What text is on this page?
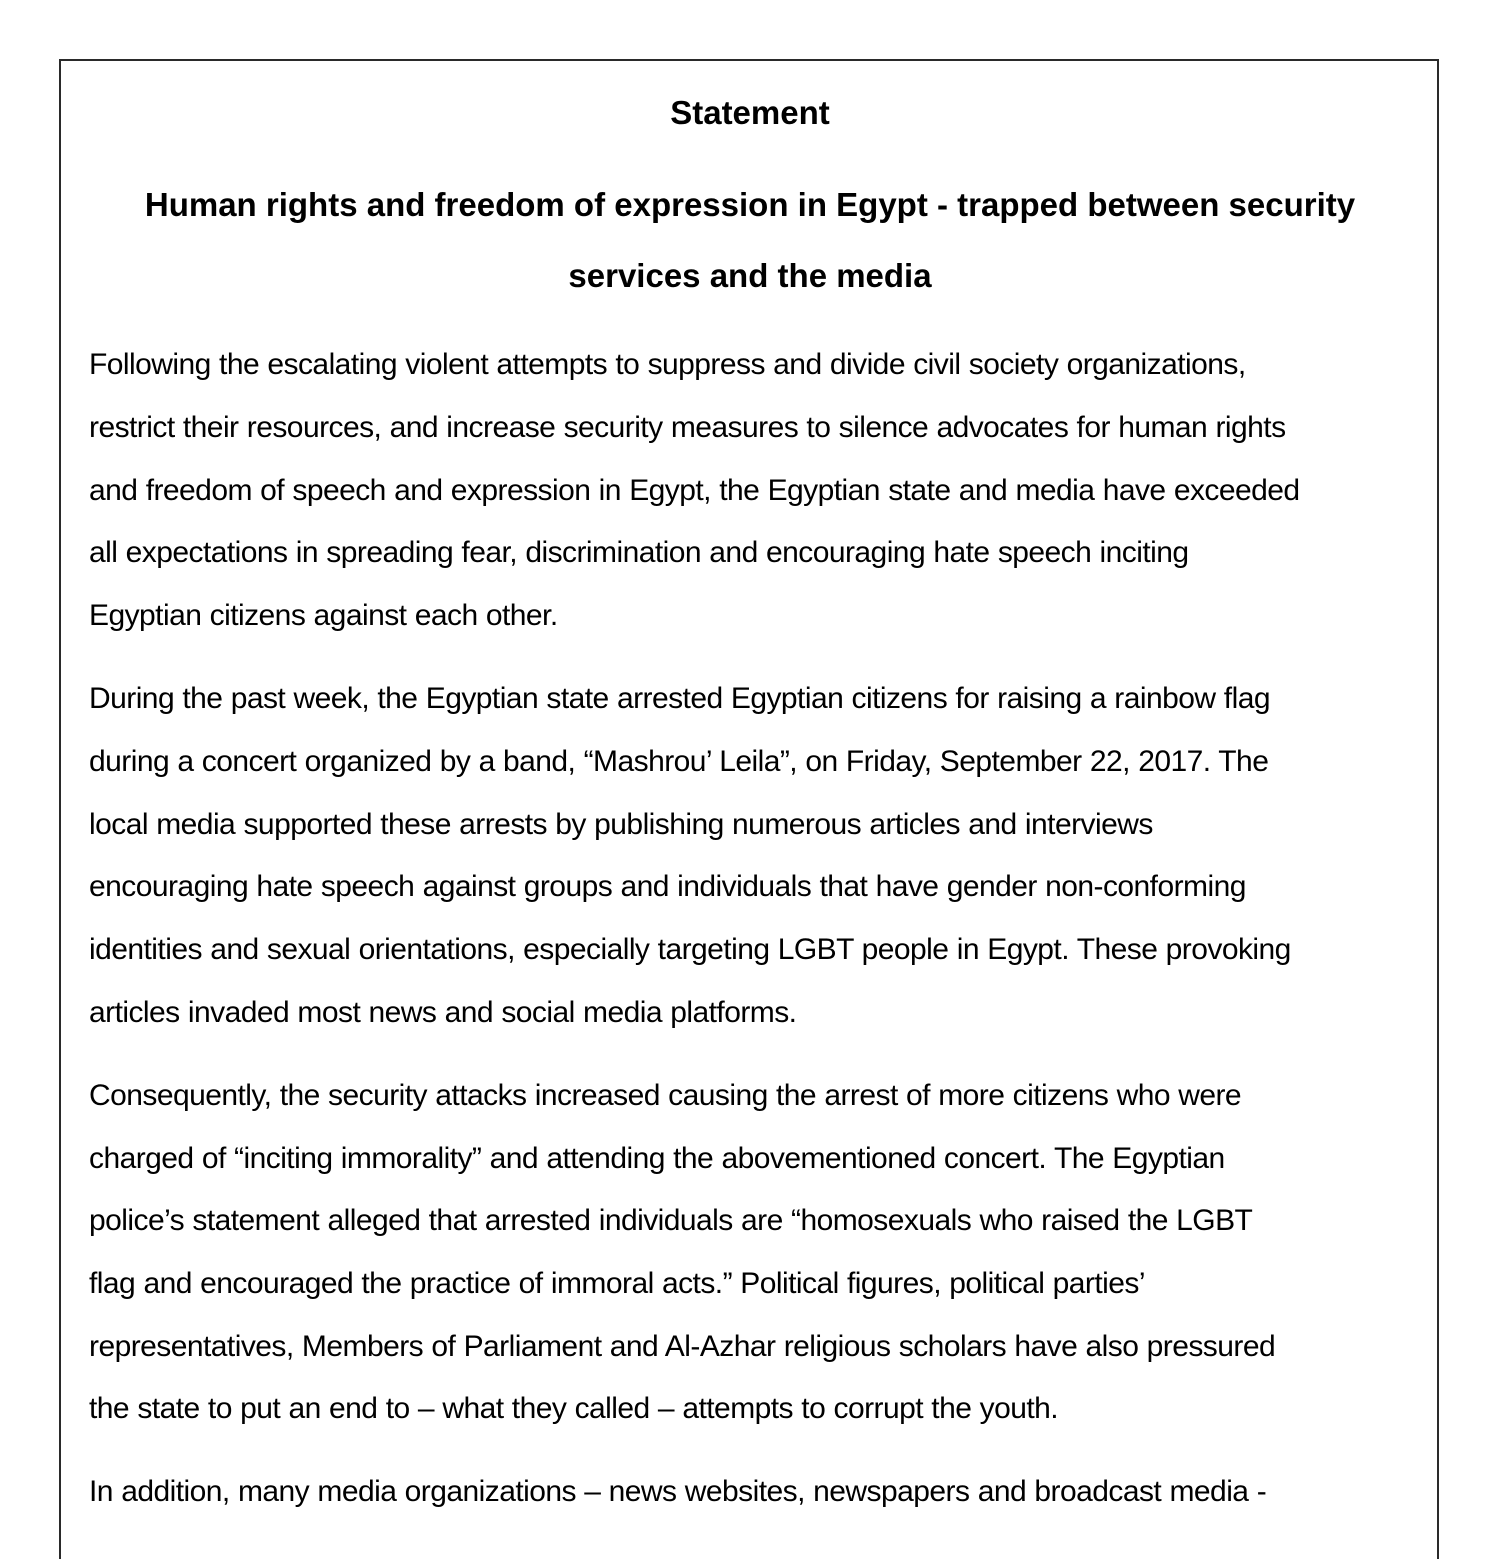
Statement
Human rights and freedom of expression in Egypt - trapped between security
services and the media
Following the escalating violent attempts to suppress and divide civil society organizations,
restrict their resources, and increase security measures to silence advocates for human rights
and freedom of speech and expression in Egypt, the Egyptian state and media have exceeded
all expectations in spreading fear, discrimination and encouraging hate speech inciting
Egyptian citizens against each other.
During the past week, the Egyptian state arrested Egyptian citizens for raising a rainbow flag
during a concert organized by a band, “Mashrou’ Leila”, on Friday, September 22, 2017. The
local media supported these arrests by publishing numerous articles and interviews
encouraging hate speech against groups and individuals that have gender non-conforming
identities and sexual orientations, especially targeting LGBT people in Egypt. These provoking
articles invaded most news and social media platforms.
Consequently, the security attacks increased causing the arrest of more citizens who were
charged of “inciting immorality” and attending the abovementioned concert. The Egyptian
police’s statement alleged that arrested individuals are “homosexuals who raised the LGBT
flag and encouraged the practice of immoral acts.” Political figures, political parties’
representatives, Members of Parliament and Al-Azhar religious scholars have also pressured
the state to put an end to – what they called – attempts to corrupt the youth.
In addition, many media organizations – news websites, newspapers and broadcast media -
